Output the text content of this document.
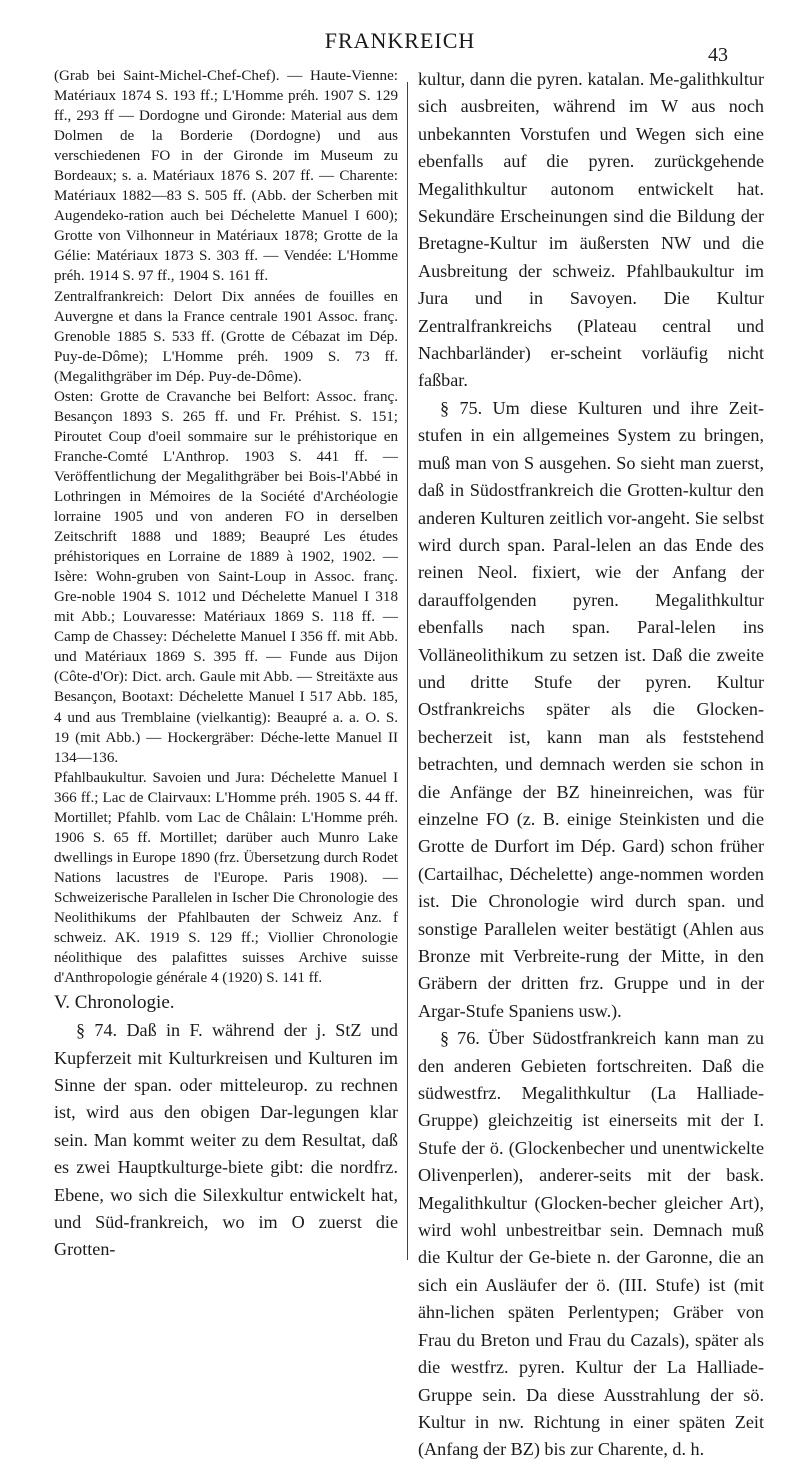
FRANKREICH
43

(Grab bei Saint-Michel-Chef-Chef). — Haute-Vienne: Matériaux 1874 S. 193 ff.; L'Homme préh. 1907 S. 129 ff., 293 ff — Dordogne und Gironde: Material aus dem Dolmen de la Borderie (Dordogne) und aus verschiedenen FO in der Gironde im Museum zu Bordeaux; s. a. Matériaux 1876 S. 207 ff. — Charente: Matériaux 1882—83 S. 505 ff. (Abb. der Scherben mit Augendeko-ration auch bei Déchelette Manuel I 600); Grotte von Vilhonneur in Matériaux 1878; Grotte de la Gélie: Matériaux 1873 S. 303 ff. — Vendée: L'Homme préh. 1914 S. 97 ff., 1904 S. 161 ff.

Zentralfrankreich: Delort Dix années de fouilles en Auvergne et dans la France centrale 1901 Assoc. franç. Grenoble 1885 S. 533 ff. (Grotte de Cébazat im Dép. Puy-de-Dôme); L'Homme préh. 1909 S. 73 ff. (Megalithgräber im Dép. Puy-de-Dôme).

Osten: Grotte de Cravanche bei Belfort: Assoc. franç. Besançon 1893 S. 265 ff. und Fr. Préhist. S. 151; Piroutet Coup d'oeil sommaire sur le préhistorique en Franche-Comté L'Anthrop. 1903 S. 441 ff. — Veröffentlichung der Megalithgräber bei Bois-l'Abbé in Lothringen in Mémoires de la Société d'Archéologie lorraine 1905 und von anderen FO in derselben Zeitschrift 1888 und 1889; Beaupré Les études préhistoriques en Lorraine de 1889 à 1902, 1902. — Isère: Wohn-gruben von Saint-Loup in Assoc. franç. Gre-noble 1904 S. 1012 und Déchelette Manuel I 318 mit Abb.; Louvaresse: Matériaux 1869 S. 118 ff. — Camp de Chassey: Déchelette Manuel I 356 ff. mit Abb. und Matériaux 1869 S. 395 ff. — Funde aus Dijon (Côte-d'Or): Dict. arch. Gaule mit Abb. — Streitäxte aus Besançon, Bootaxt: Déchelette Manuel I 517 Abb. 185, 4 und aus Tremblaine (vielkantig): Beaupré a. a. O. S. 19 (mit Abb.) — Hockergräber: Déche-lette Manuel II 134—136.

Pfahlbaukultur. Savoien und Jura: Déchelette Manuel I 366 ff.; Lac de Clairvaux: L'Homme préh. 1905 S. 44 ff. Mortillet; Pfahlb. vom Lac de Châlain: L'Homme préh. 1906 S. 65 ff. Mortillet; darüber auch Munro Lake dwellings in Europe 1890 (frz. Übersetzung durch Rodet Nations lacustres de l'Europe. Paris 1908). — Schweizerische Parallelen in Ischer Die Chronologie des Neolithikums der Pfahlbauten der Schweiz Anz. f schweiz. AK. 1919 S. 129 ff.; Viollier Chronologie néolithique des palafittes suisses Archive suisse d'Anthropologie générale 4 (1920) S. 141 ff.

V. Chronologie.

§ 74. Daß in F. während der j. StZ und Kupferzeit mit Kulturkreisen und Kulturen im Sinne der span. oder mitteleurop. zu rechnen ist, wird aus den obigen Dar-legungen klar sein. Man kommt weiter zu dem Resultat, daß es zwei Hauptkulturge-biete gibt: die nordfrz. Ebene, wo sich die Silexkultur entwickelt hat, und Süd-frankreich, wo im O zuerst die Grotten-

kultur, dann die pyren. katalan. Me-galithkultur sich ausbreiten, während im W aus noch unbekannten Vorstufen und Wegen sich eine ebenfalls auf die pyren. zurückgehende Megalithkultur autonom entwickelt hat. Sekundäre Erscheinungen sind die Bildung der Bretagne-Kultur im äußersten NW und die Ausbreitung der schweiz. Pfahlbaukultur im Jura und in Savoyen. Die Kultur Zentralfrankreichs (Plateau central und Nachbarländer) er-scheint vorläufig nicht faßbar.

§ 75. Um diese Kulturen und ihre Zeit-stufen in ein allgemeines System zu bringen, muß man von S ausgehen. So sieht man zuerst, daß in Südostfrankreich die Grotten-kultur den anderen Kulturen zeitlich vor-angeht. Sie selbst wird durch span. Paral-lelen an das Ende des reinen Neol. fixiert, wie der Anfang der darauffolgenden pyren. Megalithkultur ebenfalls nach span. Paral-lelen ins Volläneolithikum zu setzen ist. Daß die zweite und dritte Stufe der pyren. Kultur Ostfrankreichs später als die Glocken-becherzeit ist, kann man als feststehend betrachten, und demnach werden sie schon in die Anfänge der BZ hineinreichen, was für einzelne FO (z. B. einige Steinkisten und die Grotte de Durfort im Dép. Gard) schon früher (Cartailhac, Déchelette) ange-nommen worden ist. Die Chronologie wird durch span. und sonstige Parallelen weiter bestätigt (Ahlen aus Bronze mit Verbreite-rung der Mitte, in den Gräbern der dritten frz. Gruppe und in der Argar-Stufe Spaniens usw.).

§ 76. Über Südostfrankreich kann man zu den anderen Gebieten fortschreiten. Daß die südwestfrz. Megalithkultur (La Halliade-Gruppe) gleichzeitig ist einerseits mit der I. Stufe der ö. (Glockenbecher und unentwickelte Olivenperlen), anderer-seits mit der bask. Megalithkultur (Glocken-becher gleicher Art), wird wohl unbestreitbar sein. Demnach muß die Kultur der Ge-biete n. der Garonne, die an sich ein Ausläufer der ö. (III. Stufe) ist (mit ähn-lichen späten Perlentypen; Gräber von Frau du Breton und Frau du Cazals), später als die westfrz. pyren. Kultur der La Halliade-Gruppe sein. Da diese Ausstrahlung der sö. Kultur in nw. Richtung in einer späten Zeit (Anfang der BZ) bis zur Charente, d. h.
